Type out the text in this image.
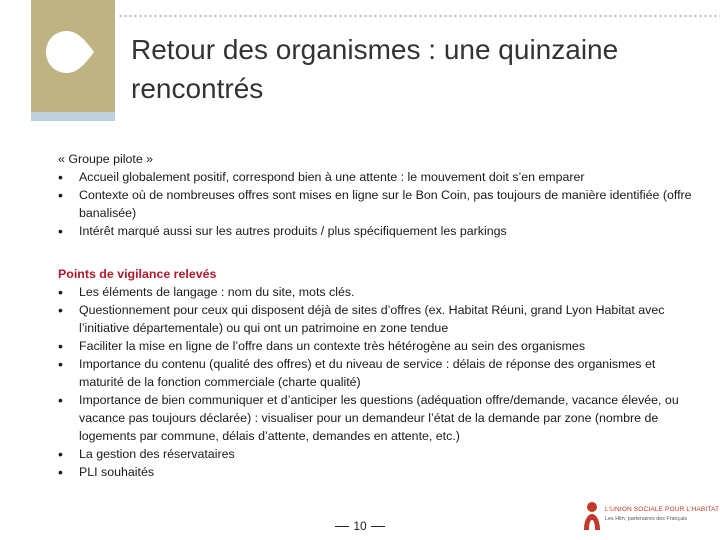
Retour des organismes : une quinzaine rencontrés

« Groupe pilote »

• Accueil globalement positif, correspond bien à une attente : le mouvement doit s’en emparer
• Contexte où de nombreuses offres sont mises en ligne sur le Bon Coin, pas toujours de manière identifiée (offre banalisée)
• Intérêt marqué aussi sur les autres produits / plus spécifiquement les parkings

Points de vigilance relevés

• Les éléments de langage : nom du site, mots clés.
• Questionnement pour ceux qui disposent déjà de sites d’offres (ex. Habitat Réuni, grand Lyon Habitat avec l’initiative départementale) ou qui ont un patrimoine en zone tendue
• Faciliter la mise en ligne de l’offre dans un contexte très hétérogène au sein des organismes
• Importance du contenu (qualité des offres) et du niveau de service : délais de réponse des organismes et maturité de la fonction commerciale (charte qualité)
• Importance de bien communiquer et d’anticiper les questions (adéquation offre/demande, vacance élevée, ou vacance pas toujours déclarée) : visualiser pour un demandeur l’état de la demande par zone (nombre de logements par commune, délais d’attente, demandes en attente, etc.)
• La gestion des réservataires
• PLI souhaités
10
L'UNION SOCIALE POUR L'HABITAT
Les Hlm, partenaires des Français
